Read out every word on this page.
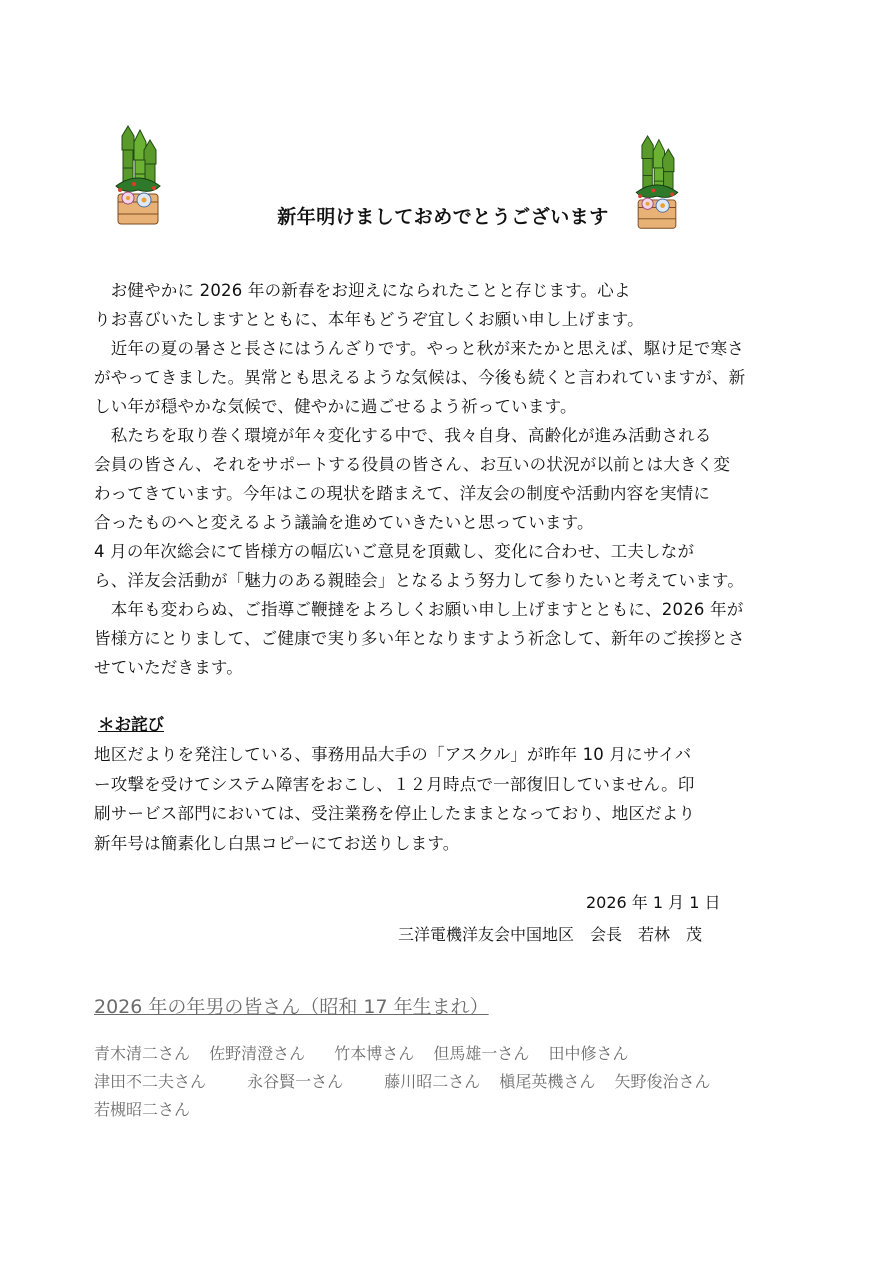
新年明けましておめでとうございます

　お健やかに 2026 年の新春をお迎えになられたことと存じます。心よ
りお喜びいたしますとともに、本年もどうぞ宜しくお願い申し上げます。

　近年の夏の暑さと長さにはうんざりです。やっと秋が来たかと思えば、駆け足で寒さ
がやってきました。異常とも思えるような気候は、今後も続くと言われていますが、新
しい年が穏やかな気候で、健やかに過ごせるよう祈っています。

　私たちを取り巻く環境が年々変化する中で、我々自身、高齢化が進み活動される
会員の皆さん、それをサポートする役員の皆さん、お互いの状況が以前とは大きく変
わってきています。今年はこの現状を踏まえて、洋友会の制度や活動内容を実情に
合ったものへと変えるよう議論を進めていきたいと思っています。

4 月の年次総会にて皆様方の幅広いご意見を頂戴し、変化に合わせ、工夫しなが
ら、洋友会活動が「魅力のある親睦会」となるよう努力して参りたいと考えています。

　本年も変わらぬ、ご指導ご鞭撻をよろしくお願い申し上げますとともに、2026 年が
皆様方にとりまして、ご健康で実り多い年となりますよう祈念して、新年のご挨拶とさ
せていただきます。

＊お詫び

地区だよりを発注している、事務用品大手の「アスクル」が昨年 10 月にサイバ
ー攻撃を受けてシステム障害をおこし、１２月時点で一部復旧していません。印
刷サービス部門においては、受注業務を停止したままとなっており、地区だより
新年号は簡素化し白黒コピーにてお送りします。

2026 年 1 月 1 日
三洋電機洋友会中国地区　会長　若林　茂

2026 年の年男の皆さん（昭和 17 年生まれ）

青木清二さん 佐野清澄さん 竹本博さん 但馬雄一さん 田中修さん
津田不二夫さん	永谷賢一さん	藤川昭二さん 槇尾英機さん 矢野俊治さん
若槻昭二さん
